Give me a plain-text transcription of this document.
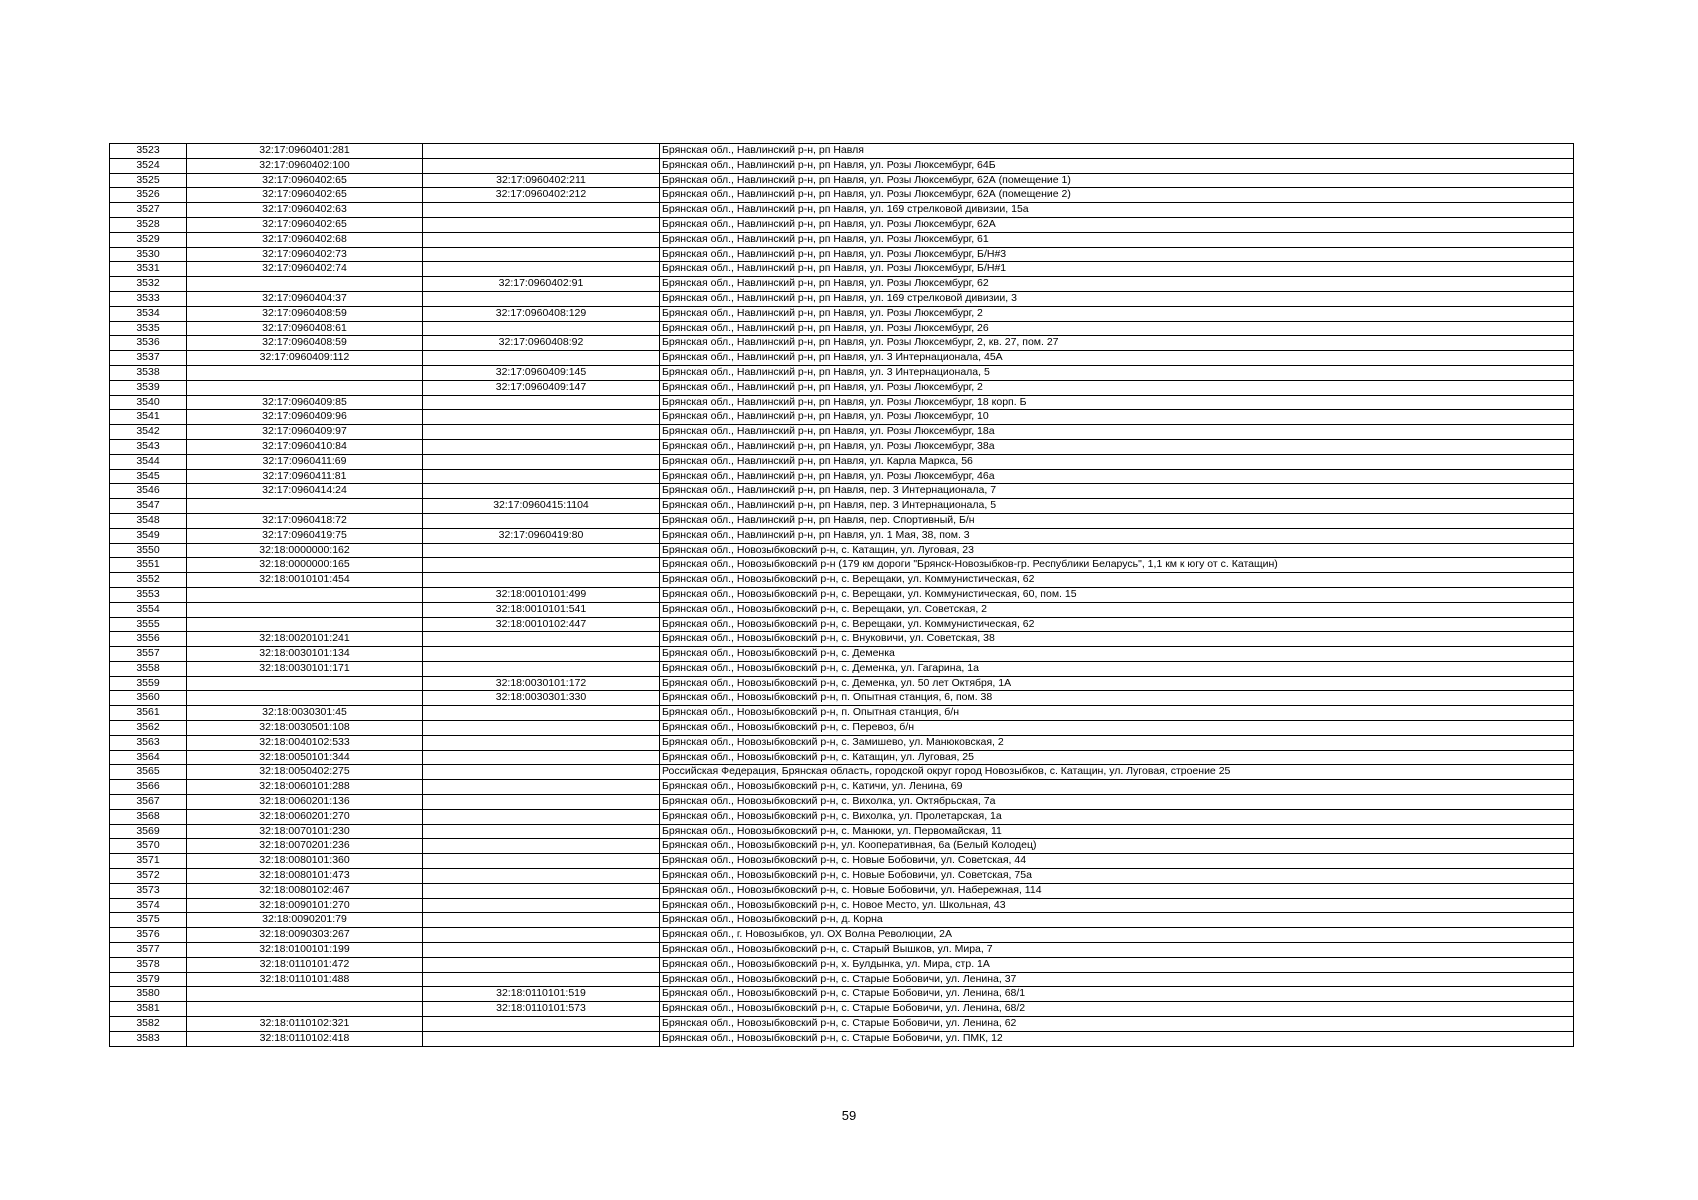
3523	32:17:0960401:281		Брянская обл., Навлинский р-н, рп Навля
3524	32:17:0960402:100		Брянская обл., Навлинский р-н, рп Навля, ул. Розы Люксембург, 64Б
3525	32:17:0960402:65	32:17:0960402:211	Брянская обл., Навлинский р-н, рп Навля, ул. Розы Люксембург, 62А (помещение 1)
3526	32:17:0960402:65	32:17:0960402:212	Брянская обл., Навлинский р-н, рп Навля, ул. Розы Люксембург, 62А (помещение 2)
3527	32:17:0960402:63		Брянская обл., Навлинский р-н, рп Навля, ул. 169 стрелковой дивизии, 15а
3528	32:17:0960402:65		Брянская обл., Навлинский р-н, рп Навля, ул. Розы Люксембург, 62А
3529	32:17:0960402:68		Брянская обл., Навлинский р-н, рп Навля, ул. Розы Люксембург, 61
3530	32:17:0960402:73		Брянская обл., Навлинский р-н, рп Навля, ул. Розы Люксембург, Б/Н#3
3531	32:17:0960402:74		Брянская обл., Навлинский р-н, рп Навля, ул. Розы Люксембург, Б/Н#1
3532		32:17:0960402:91	Брянская обл., Навлинский р-н, рп Навля, ул. Розы Люксембург, 62
3533	32:17:0960404:37		Брянская обл., Навлинский р-н, рп Навля, ул. 169 стрелковой дивизии, 3
3534	32:17:0960408:59	32:17:0960408:129	Брянская обл., Навлинский р-н, рп Навля, ул. Розы Люксембург, 2
3535	32:17:0960408:61		Брянская обл., Навлинский р-н, рп Навля, ул. Розы Люксембург, 26
3536	32:17:0960408:59	32:17:0960408:92	Брянская обл., Навлинский р-н, рп Навля, ул. Розы Люксембург, 2, кв. 27, пом. 27
3537	32:17:0960409:112		Брянская обл., Навлинский р-н, рп Навля, ул. 3 Интернационала, 45А
3538		32:17:0960409:145	Брянская обл., Навлинский р-н, рп Навля, ул. 3 Интернационала, 5
3539		32:17:0960409:147	Брянская обл., Навлинский р-н, рп Навля, ул. Розы Люксембург, 2
3540	32:17:0960409:85		Брянская обл., Навлинский р-н, рп Навля, ул. Розы Люксембург, 18 корп. Б
3541	32:17:0960409:96		Брянская обл., Навлинский р-н, рп Навля, ул. Розы Люксембург, 10
3542	32:17:0960409:97		Брянская обл., Навлинский р-н, рп Навля, ул. Розы Люксембург, 18а
3543	32:17:0960410:84		Брянская обл., Навлинский р-н, рп Навля, ул. Розы Люксембург, 38а
3544	32:17:0960411:69		Брянская обл., Навлинский р-н, рп Навля, ул. Карла Маркса, 56
3545	32:17:0960411:81		Брянская обл., Навлинский р-н, рп Навля, ул. Розы Люксембург, 46а
3546	32:17:0960414:24		Брянская обл., Навлинский р-н, рп Навля, пер. 3 Интернационала, 7
3547		32:17:0960415:1104	Брянская обл., Навлинский р-н, рп Навля, пер. 3 Интернационала, 5
3548	32:17:0960418:72		Брянская обл., Навлинский р-н, рп Навля, пер. Спортивный, Б/н
3549	32:17:0960419:75	32:17:0960419:80	Брянская обл., Навлинский р-н, рп Навля, ул. 1 Мая, 38, пом. 3
3550	32:18:0000000:162		Брянская обл., Новозыбковский р-н, с. Катащин, ул. Луговая, 23
3551	32:18:0000000:165		Брянская обл., Новозыбковский р-н (179 км дороги "Брянск-Новозыбков-гр. Республики Беларусь", 1,1 км к югу от с. Катащин)
3552	32:18:0010101:454		Брянская обл., Новозыбковский р-н, с. Верещаки, ул. Коммунистическая, 62
3553		32:18:0010101:499	Брянская обл., Новозыбковский р-н, с. Верещаки, ул. Коммунистическая, 60, пом. 15
3554		32:18:0010101:541	Брянская обл., Новозыбковский р-н, с. Верещаки, ул. Советская, 2
3555		32:18:0010102:447	Брянская обл., Новозыбковский р-н, с. Верещаки, ул. Коммунистическая, 62
3556	32:18:0020101:241		Брянская обл., Новозыбковский р-н, с. Внуковичи, ул. Советская, 38
3557	32:18:0030101:134		Брянская обл., Новозыбковский р-н, с. Деменка
3558	32:18:0030101:171		Брянская обл., Новозыбковский р-н, с. Деменка, ул. Гагарина, 1а
3559		32:18:0030101:172	Брянская обл., Новозыбковский р-н, с. Деменка, ул. 50 лет Октября, 1А
3560		32:18:0030301:330	Брянская обл., Новозыбковский р-н, п. Опытная станция, 6, пом. 38
3561	32:18:0030301:45		Брянская обл., Новозыбковский р-н, п. Опытная станция, б/н
3562	32:18:0030501:108		Брянская обл., Новозыбковский р-н, с. Перевоз, б/н
3563	32:18:0040102:533		Брянская обл., Новозыбковский р-н, с. Замишево, ул. Манюковская, 2
3564	32:18:0050101:344		Брянская обл., Новозыбковский р-н, с. Катащин, ул. Луговая, 25
3565	32:18:0050402:275		Российская Федерация, Брянская область, городской округ город Новозыбков, с. Катащин, ул. Луговая, строение 25
3566	32:18:0060101:288		Брянская обл., Новозыбковский р-н, с. Катичи, ул. Ленина, 69
3567	32:18:0060201:136		Брянская обл., Новозыбковский р-н, с. Вихолка, ул. Октябрьская, 7а
3568	32:18:0060201:270		Брянская обл., Новозыбковский р-н, с. Вихолка, ул. Пролетарская, 1а
3569	32:18:0070101:230		Брянская обл., Новозыбковский р-н, с. Манюки, ул. Первомайская, 11
3570	32:18:0070201:236		Брянская обл., Новозыбковский р-н, ул. Кооперативная, 6а (Белый Колодец)
3571	32:18:0080101:360		Брянская обл., Новозыбковский р-н, с. Новые Бобовичи, ул. Советская, 44
3572	32:18:0080101:473		Брянская обл., Новозыбковский р-н, с. Новые Бобовичи, ул. Советская, 75а
3573	32:18:0080102:467		Брянская обл., Новозыбковский р-н, с. Новые Бобовичи, ул. Набережная, 114
3574	32:18:0090101:270		Брянская обл., Новозыбковский р-н, с. Новое Место, ул. Школьная, 43
3575	32:18:0090201:79		Брянская обл., Новозыбковский р-н, д. Корна
3576	32:18:0090303:267		Брянская обл., г. Новозыбков, ул. ОХ Волна Революции, 2А
3577	32:18:0100101:199		Брянская обл., Новозыбковский р-н, с. Старый Вышков, ул. Мира, 7
3578	32:18:0110101:472		Брянская обл., Новозыбковский р-н, х. Булдынка, ул. Мира, стр. 1А
3579	32:18:0110101:488		Брянская обл., Новозыбковский р-н, с. Старые Бобовичи, ул. Ленина, 37
3580		32:18:0110101:519	Брянская обл., Новозыбковский р-н, с. Старые Бобовичи, ул. Ленина, 68/1
3581		32:18:0110101:573	Брянская обл., Новозыбковский р-н, с. Старые Бобовичи, ул. Ленина, 68/2
3582	32:18:0110102:321		Брянская обл., Новозыбковский р-н, с. Старые Бобовичи, ул. Ленина, 62
3583	32:18:0110102:418		Брянская обл., Новозыбковский р-н, с. Старые Бобовичи, ул. ПМК, 12
59
